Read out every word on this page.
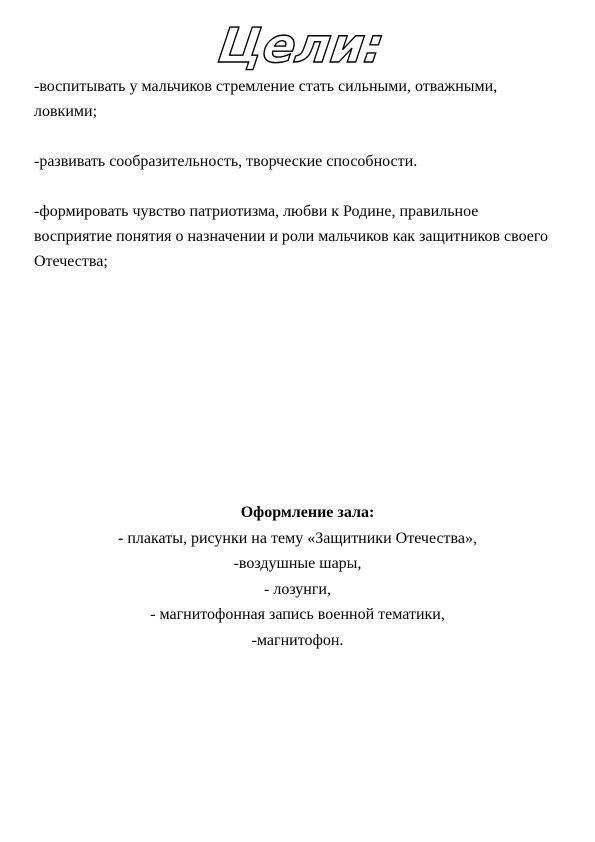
Цели:

-воспитывать у мальчиков стремление стать сильными, отважными, ловкими;

-развивать сообразительность, творческие способности.

-формировать чувство патриотизма, любви к Родине, правильное восприятие понятия о назначении и роли мальчиков как защитников своего Отечества;

Оформление зала:
- плакаты, рисунки на тему «Защитники Отечества»,
-воздушные шары,
- лозунги,
- магнитофонная запись военной тематики,
-магнитофон.
